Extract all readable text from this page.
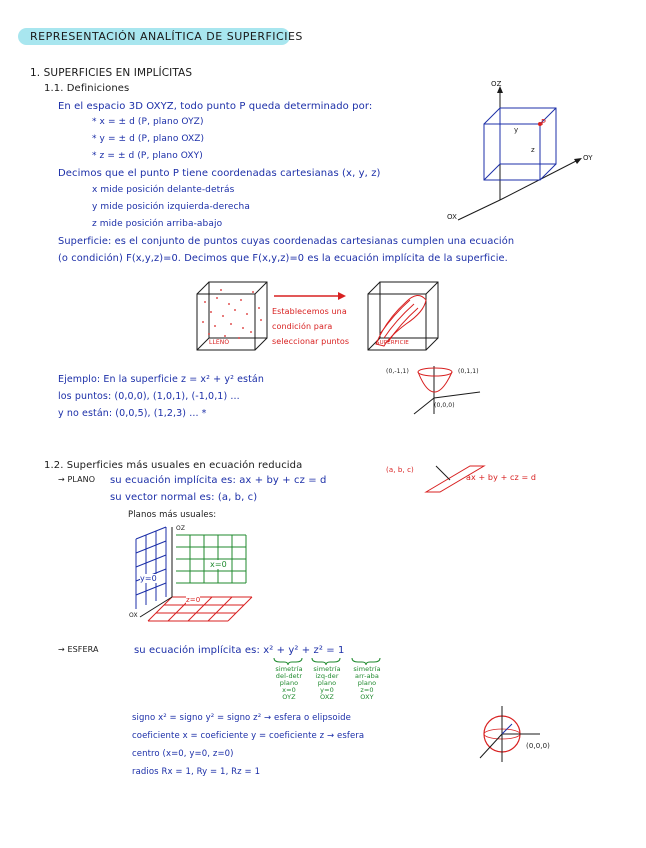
REPRESENTACIÓN ANALÍTICA DE SUPERFICIES
1. SUPERFICIES EN IMPLÍCITAS
1.1. Definiciones
En el espacio 3D OXYZ, todo punto P queda determinado por:
* x = ± d (P, plano OYZ)
* y = ± d (P, plano OXZ)
* z = ± d (P, plano OXY)
Decimos que el punto P tiene coordenadas cartesianas (x, y, z)
x mide posición delante-detrás
y mide posición izquierda-derecha
z mide posición arriba-abajo
Superficie: es el conjunto de puntos cuyas coordenadas cartesianas cumplen una ecuación
(o condición) F(x,y,z)=0. Decimos que F(x,y,z)=0 es la ecuación implícita de la superficie.
OZ
OY
OX
y
z
P
LLENO
Establecemos una
condición para
seleccionar puntos	SUPERFICIE
Ejemplo: En la superficie z = x² + y² están
los puntos: (0,0,0), (1,0,1), (-1,0,1) ...
y no están: (0,0,5), (1,2,3) ... *
(0,-1,1)	(0,1,1)
(0,0,0)
1.2. Superficies más usuales en ecuación reducida
→ PLANO su ecuación implícita es: ax + by + cz = d
su vector normal es: (a, b, c)
Planos más usuales:
(a, b, c)
ax + by + cz = d
OZ
OX
x=0
y=0
z=0
→ ESFERA	su ecuación implícita es: x² + y² + z² = 1
simetría
del-detr
plano
x=0
OYZ
simetría
izq-der
plano
y=0
OXZ
simetría
arr-aba
plano
z=0
OXY
signo x² = signo y² = signo z² → esfera o elipsoide
coeficiente x = coeficiente y = coeficiente z → esfera
centro (x=0, y=0, z=0)
radios Rx = 1, Ry = 1, Rz = 1
(0,0,0)
